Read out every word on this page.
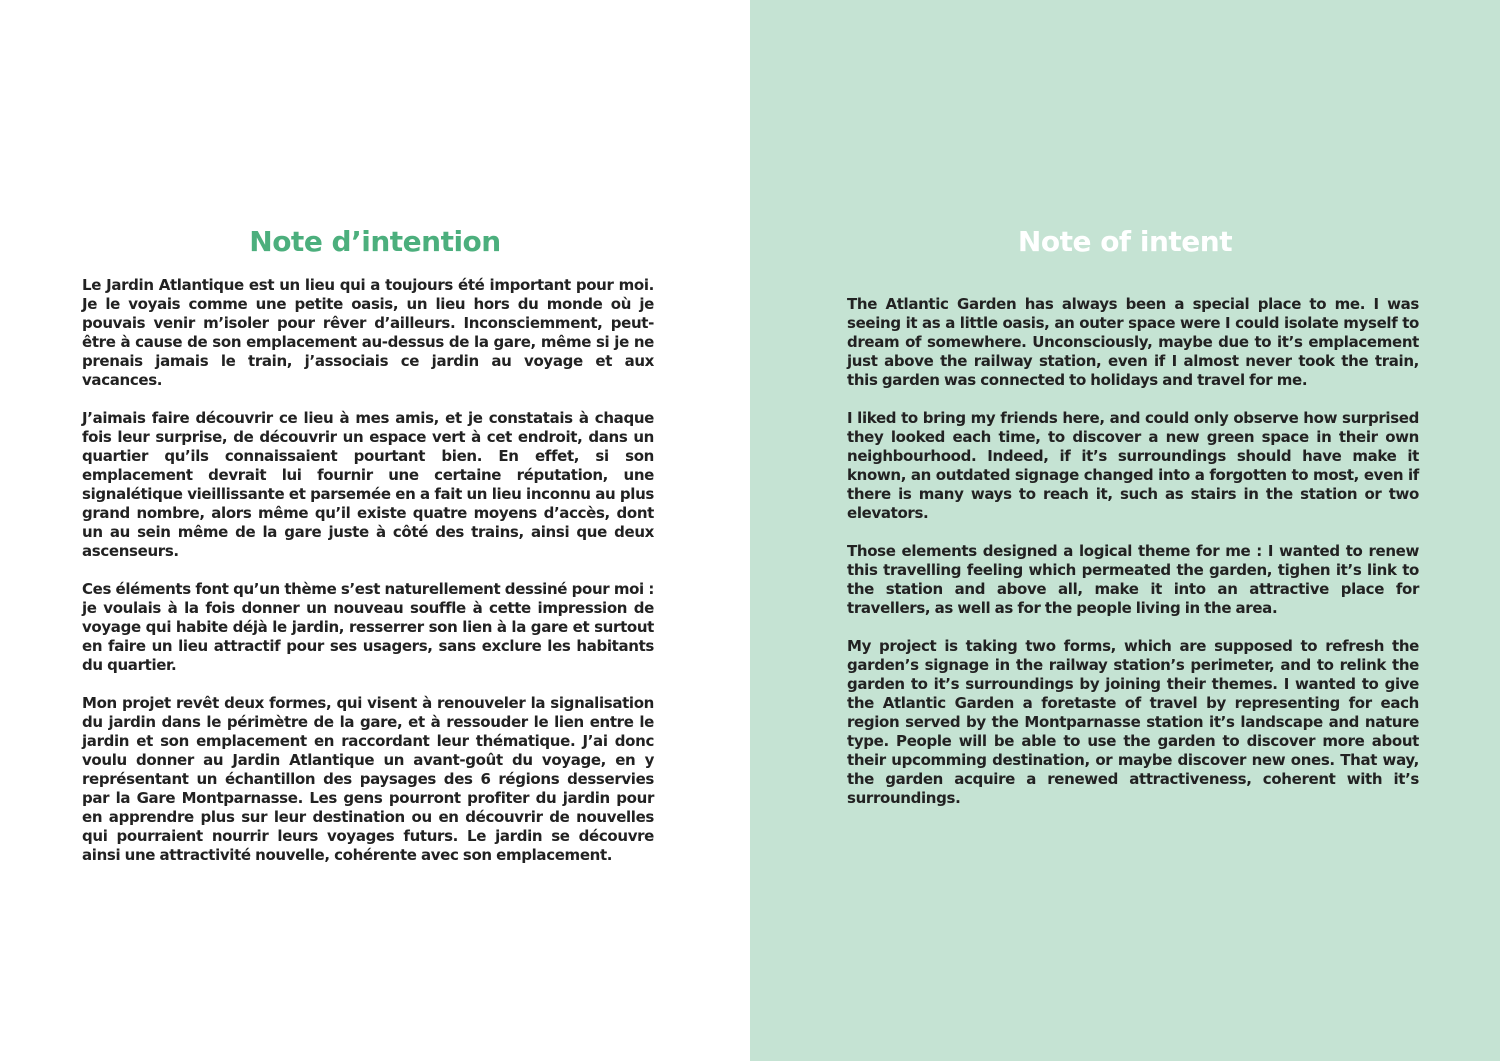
Note d’intention

Le Jardin Atlantique est un lieu qui a toujours été important pour moi. Je le voyais comme une petite oasis, un lieu hors du monde où je pouvais venir m’isoler pour rêver d’ailleurs. Inconsciemment, peut-être à cause de son emplacement au-dessus de la gare, même si je ne prenais jamais le train, j’associais ce jardin au voyage et aux vacances.

J’aimais faire découvrir ce lieu à mes amis, et je constatais à chaque fois leur surprise, de découvrir un espace vert à cet endroit, dans un quartier qu’ils connaissaient pourtant bien. En effet, si son emplacement devrait lui fournir une certaine réputation, une signalétique vieillissante et parsemée en a fait un lieu inconnu au plus grand nombre, alors même qu’il existe quatre moyens d’accès, dont un au sein même de la gare juste à côté des trains, ainsi que deux ascenseurs.

Ces éléments font qu’un thème s’est naturellement dessiné pour moi : je voulais à la fois donner un nouveau souffle à cette impression de voyage qui habite déjà le jardin, resserrer son lien à la gare et surtout en faire un lieu attractif pour ses usagers, sans exclure les habitants du quartier.

Mon projet revêt deux formes, qui visent à renouveler la signalisation du jardin dans le périmètre de la gare, et à ressouder le lien entre le jardin et son emplacement en raccordant leur thématique. J’ai donc voulu donner au Jardin Atlantique un avant-goût du voyage, en y représentant un échantillon des paysages des 6 régions desservies par la Gare Montparnasse. Les gens pourront profiter du jardin pour en apprendre plus sur leur destination ou en découvrir de nouvelles qui pourraient nourrir leurs voyages futurs. Le jardin se découvre ainsi une attractivité nouvelle, cohérente avec son emplacement.

Note of intent

The Atlantic Garden has always been a special place to me. I was seeing it as a little oasis, an outer space were I could isolate myself to dream of somewhere. Unconsciously, maybe due to it’s emplacement just above the railway station, even if I almost never took the train, this garden was connected to holidays and travel for me.

I liked to bring my friends here, and could only observe how surprised they looked each time, to discover a new green space in their own neighbourhood. Indeed, if it’s surroundings should have make it known, an outdated signage changed into a forgotten to most, even if there is many ways to reach it, such as stairs in the station or two elevators.

Those elements designed a logical theme for me : I wanted to renew this travelling feeling which permeated the garden, tighen it’s link to the station and above all, make it into an attractive place for travellers, as well as for the people living in the area.

My project is taking two forms, which are supposed to refresh the garden’s signage in the railway station’s perimeter, and to relink the garden to it’s surroundings by joining their themes. I wanted to give the Atlantic Garden a foretaste of travel by representing for each region served by the Montparnasse station it’s landscape and nature type. People will be able to use the garden to discover more about their upcomming destination, or maybe discover new ones. That way, the garden acquire a renewed attractiveness, coherent with it’s surroundings.
